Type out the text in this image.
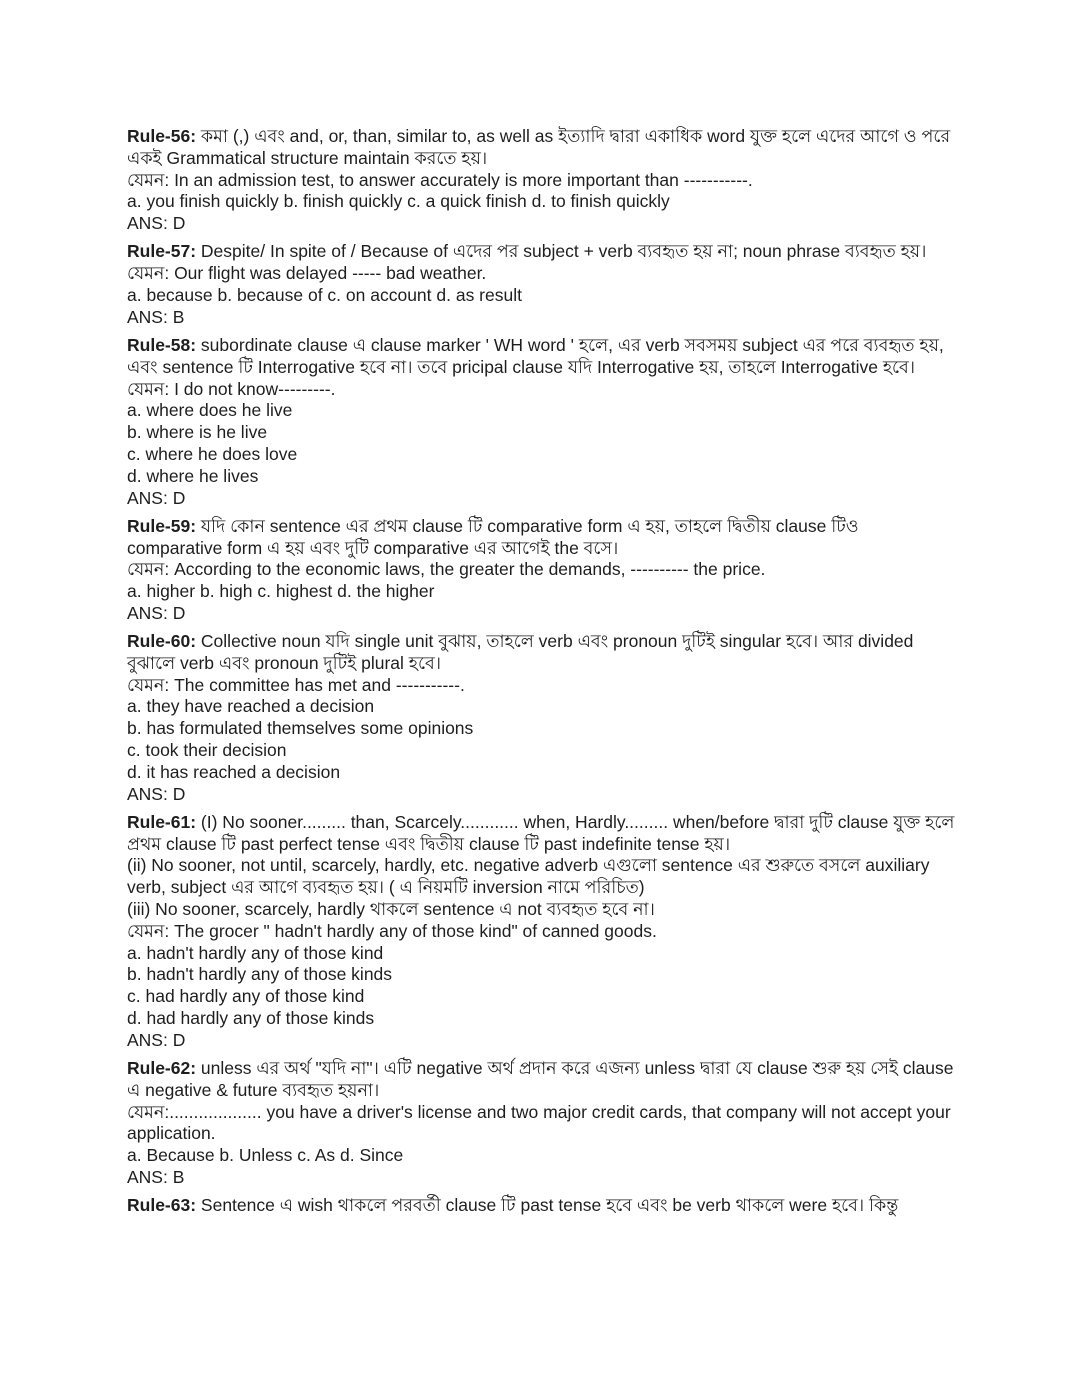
Rule-56: কমা (,) এবং and, or, than, similar to, as well as ইত্যাদি দ্বারা একাধিক word যুক্ত হলে এদের আগে ও পরে একই Grammatical structure maintain করতে হয়।
যেমন: In an admission test, to answer accurately is more important than -----------.
a. you finish quickly b. finish quickly c. a quick finish d. to finish quickly
ANS: D
Rule-57: Despite/ In spite of / Because of এদের পর subject + verb ব্যবহৃত হয় না; noun phrase ব্যবহৃত হয়।
যেমন: Our flight was delayed ----- bad weather.
a. because b. because of c. on account d. as result
ANS: B
Rule-58: subordinate clause এ clause marker ' WH word ' হলে, এর verb সবসময় subject এর পরে ব্যবহৃত হয়, এবং sentence টি Interrogative হবে না। তবে pricipal clause যদি Interrogative হয়, তাহলে Interrogative হবে।
যেমন: I do not know---------.
a. where does he live
b. where is he live
c. where he does love
d. where he lives
ANS: D
Rule-59: যদি কোন sentence এর প্রথম clause টি comparative form এ হয়, তাহলে দ্বিতীয় clause টিও comparative form এ হয় এবং দুটি comparative এর আগেই the বসে।
যেমন: According to the economic laws, the greater the demands, ---------- the price.
a. higher b. high c. highest d. the higher
ANS: D
Rule-60: Collective noun যদি single unit বুঝায়, তাহলে verb এবং pronoun দুটিই singular হবে। আর divided বুঝালে verb এবং pronoun দুটিই plural হবে।
যেমন: The committee has met and -----------.
a. they have reached a decision
b. has formulated themselves some opinions
c. took their decision
d. it has reached a decision
ANS: D
Rule-61: (I) No sooner......... than, Scarcely............ when, Hardly......... when/before দ্বারা দুটি clause যুক্ত হলে প্রথম clause টি past perfect tense এবং দ্বিতীয় clause টি past indefinite tense হয়।
(ii) No sooner, not until, scarcely, hardly, etc. negative adverb এগুলো sentence এর শুরুতে বসলে auxiliary verb, subject এর আগে ব্যবহৃত হয়। ( এ নিয়মটি inversion নামে পরিচিত)
(iii) No sooner, scarcely, hardly থাকলে sentence এ not ব্যবহৃত হবে না।
যেমন: The grocer " hadn't hardly any of those kind" of canned goods.
a. hadn't hardly any of those kind
b. hadn't hardly any of those kinds
c. had hardly any of those kind
d. had hardly any of those kinds
ANS: D
Rule-62: unless এর অর্থ "যদি না"। এটি negative অর্থ প্রদান করে এজন্য unless দ্বারা যে clause শুরু হয় সেই clause এ negative & future ব্যবহৃত হয়না।
যেমন:................... you have a driver's license and two major credit cards, that company will not accept your application.
a. Because b. Unless c. As d. Since
ANS: B
Rule-63: Sentence এ wish থাকলে পরবর্তী clause টি past tense হবে এবং be verb থাকলে were হবে। কিন্তু
